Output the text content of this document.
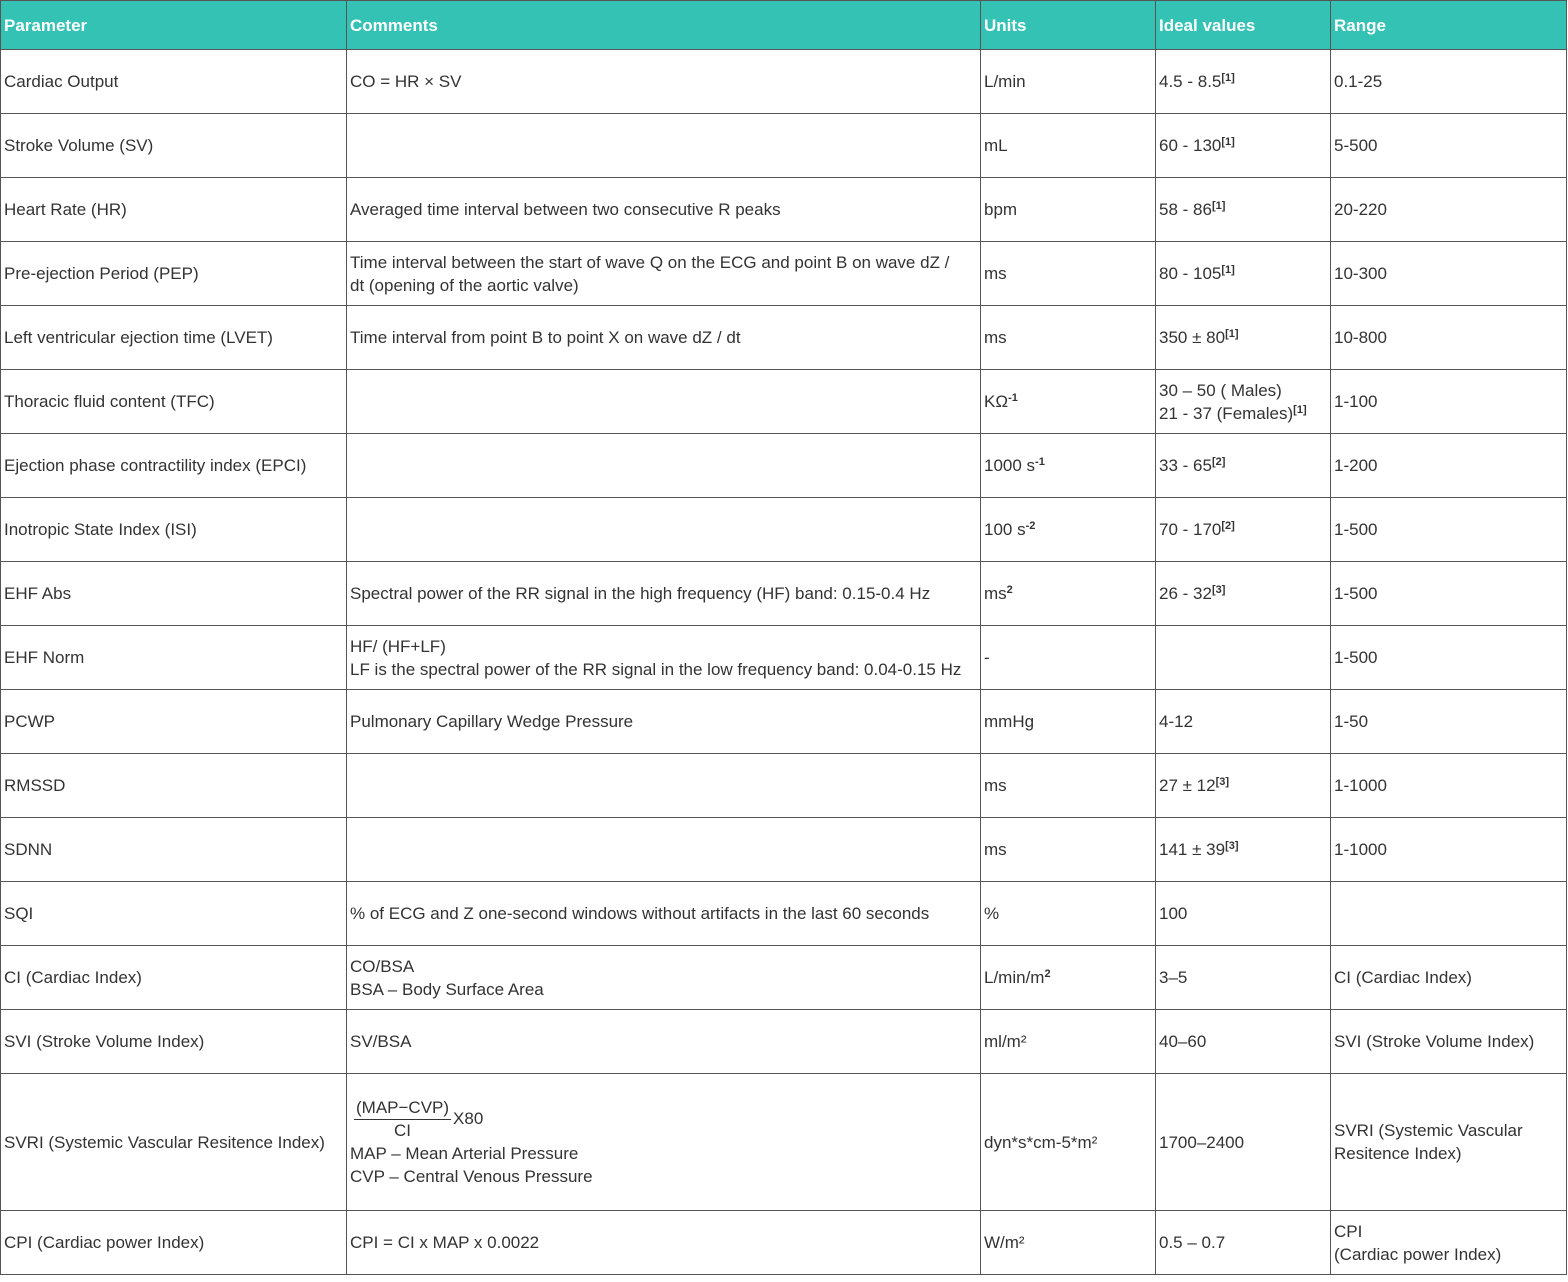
Parameter	Comments	Units	Ideal values	Range
Cardiac Output	CO = HR × SV	L/min	4.5 - 8.5[1]	0.1-25

Stroke Volume (SV)		mL	60 - 130[1]	5-500

Heart Rate (HR)	Averaged time interval between two consecutive R peaks	bpm	58 - 86[1]	20-220

Pre-ejection Period (PEP)	Time interval between the start of wave Q on the ECG and point B on wave dZ /
dt (opening of the aortic valve)	ms	80 - 105[1]	10-300

Left ventricular ejection time (LVET)	Time interval from point B to point X on wave dZ / dt	ms	350 ± 80[1]	10-800

Thoracic fluid content (TFC)		$K\Omega^{-1}$	30 – 50 ( Males)
21 - 37 (Females)[1]	1-100

Ejection phase contractility index (EPCI)		1000 $s^{-1}$	33 - 65[2]	1-200

Inotropic State Index (ISI)		100 $s^{-2}$	70 - 170[2]	1-500

EHF Abs	Spectral power of the RR signal in the high frequency (HF) band: 0.15-0.4 Hz	$ms^2$	26 - 32[3]	1-500

EHF Norm	HF/ (HF+LF)
LF is the spectral power of the RR signal in the low frequency band: 0.04-0.15 Hz	-		1-500

PCWP	Pulmonary Capillary Wedge Pressure	mmHg	4-12	1-50

RMSSD		ms	27 ± 12[3]	1-1000

SDNN		ms	141 ± 39[3]	1-1000

SQI	% of ECG and Z one-second windows without artifacts in the last 60 seconds	%	100	

CI (Cardiac Index)	CO/BSA
BSA – Body Surface Area	$L/\min/m^2$	3–5	CI (Cardiac Index)

SVI (Stroke Volume Index)	SV/BSA	ml/m²	40–60	SVI (Stroke Volume Index)

SVRI (Systemic Vascular Resitence Index)	$\frac{\text{(MAP−CVP)}}{CI} X80$
MAP – Mean Arterial Pressure
CVP – Central Venous Pressure	dyn*s*cm-5*m²	1700–2400	SVRI (Systemic Vascular
Resitence Index)

CPI (Cardiac power Index)	CPI = CI x MAP x 0.0022	W/m²	0.5 – 0.7	CPI
(Cardiac power Index)
